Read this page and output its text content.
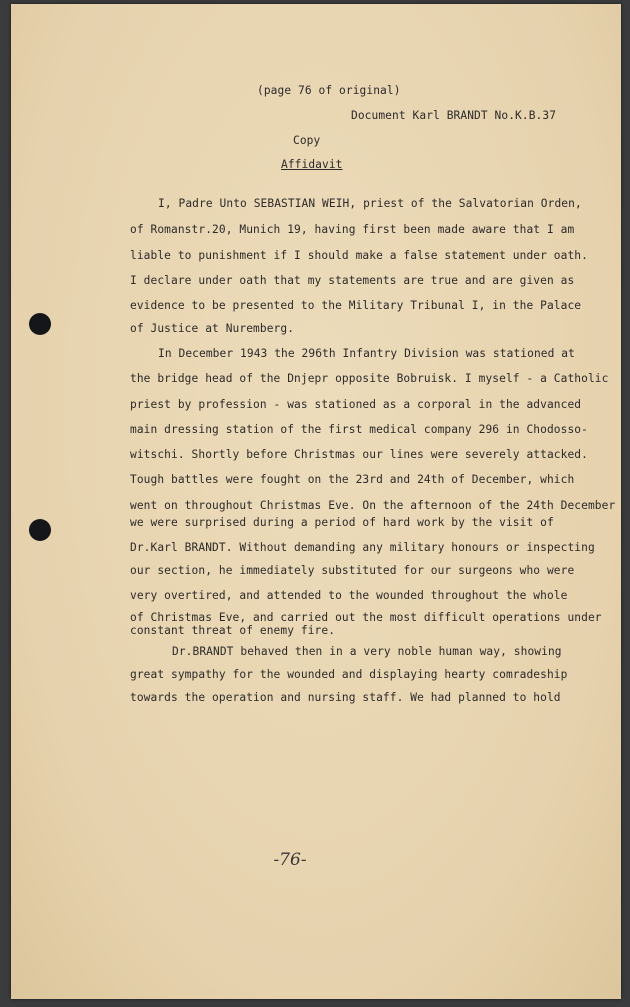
(page 76 of original)
Document Karl BRANDT No.K.B.37
Copy
Affidavit
I, Padre Unto SEBASTIAN WEIH, priest of the Salvatorian Orden,
of Romanstr.20, Munich 19, having first been made aware that I am
liable to punishment if I should make a false statement under oath.
I declare under oath that my statements are true and are given as
evidence to be presented to the Military Tribunal I, in the Palace
of Justice at Nuremberg.
In December 1943 the 296th Infantry Division was stationed at
the bridge head of the Dnjepr opposite Bobruisk. I myself - a Catholic
priest by profession - was stationed as a corporal in the advanced
main dressing station of the first medical company 296 in Chodosso-
witschi. Shortly before Christmas our lines were severely attacked.
Tough battles were fought on the 23rd and 24th of December, which
went on throughout Christmas Eve. On the afternoon of the 24th December
we were surprised during a period of hard work by the visit of
Dr.Karl BRANDT. Without demanding any military honours or inspecting
our section, he immediately substituted for our surgeons who were
very overtired, and attended to the wounded throughout the whole
of Christmas Eve, and carried out the most difficult operations under
constant threat of enemy fire.
Dr.BRANDT behaved then in a very noble human way, showing
great sympathy for the wounded and displaying hearty comradeship
towards the operation and nursing staff. We had planned to hold
-76-
